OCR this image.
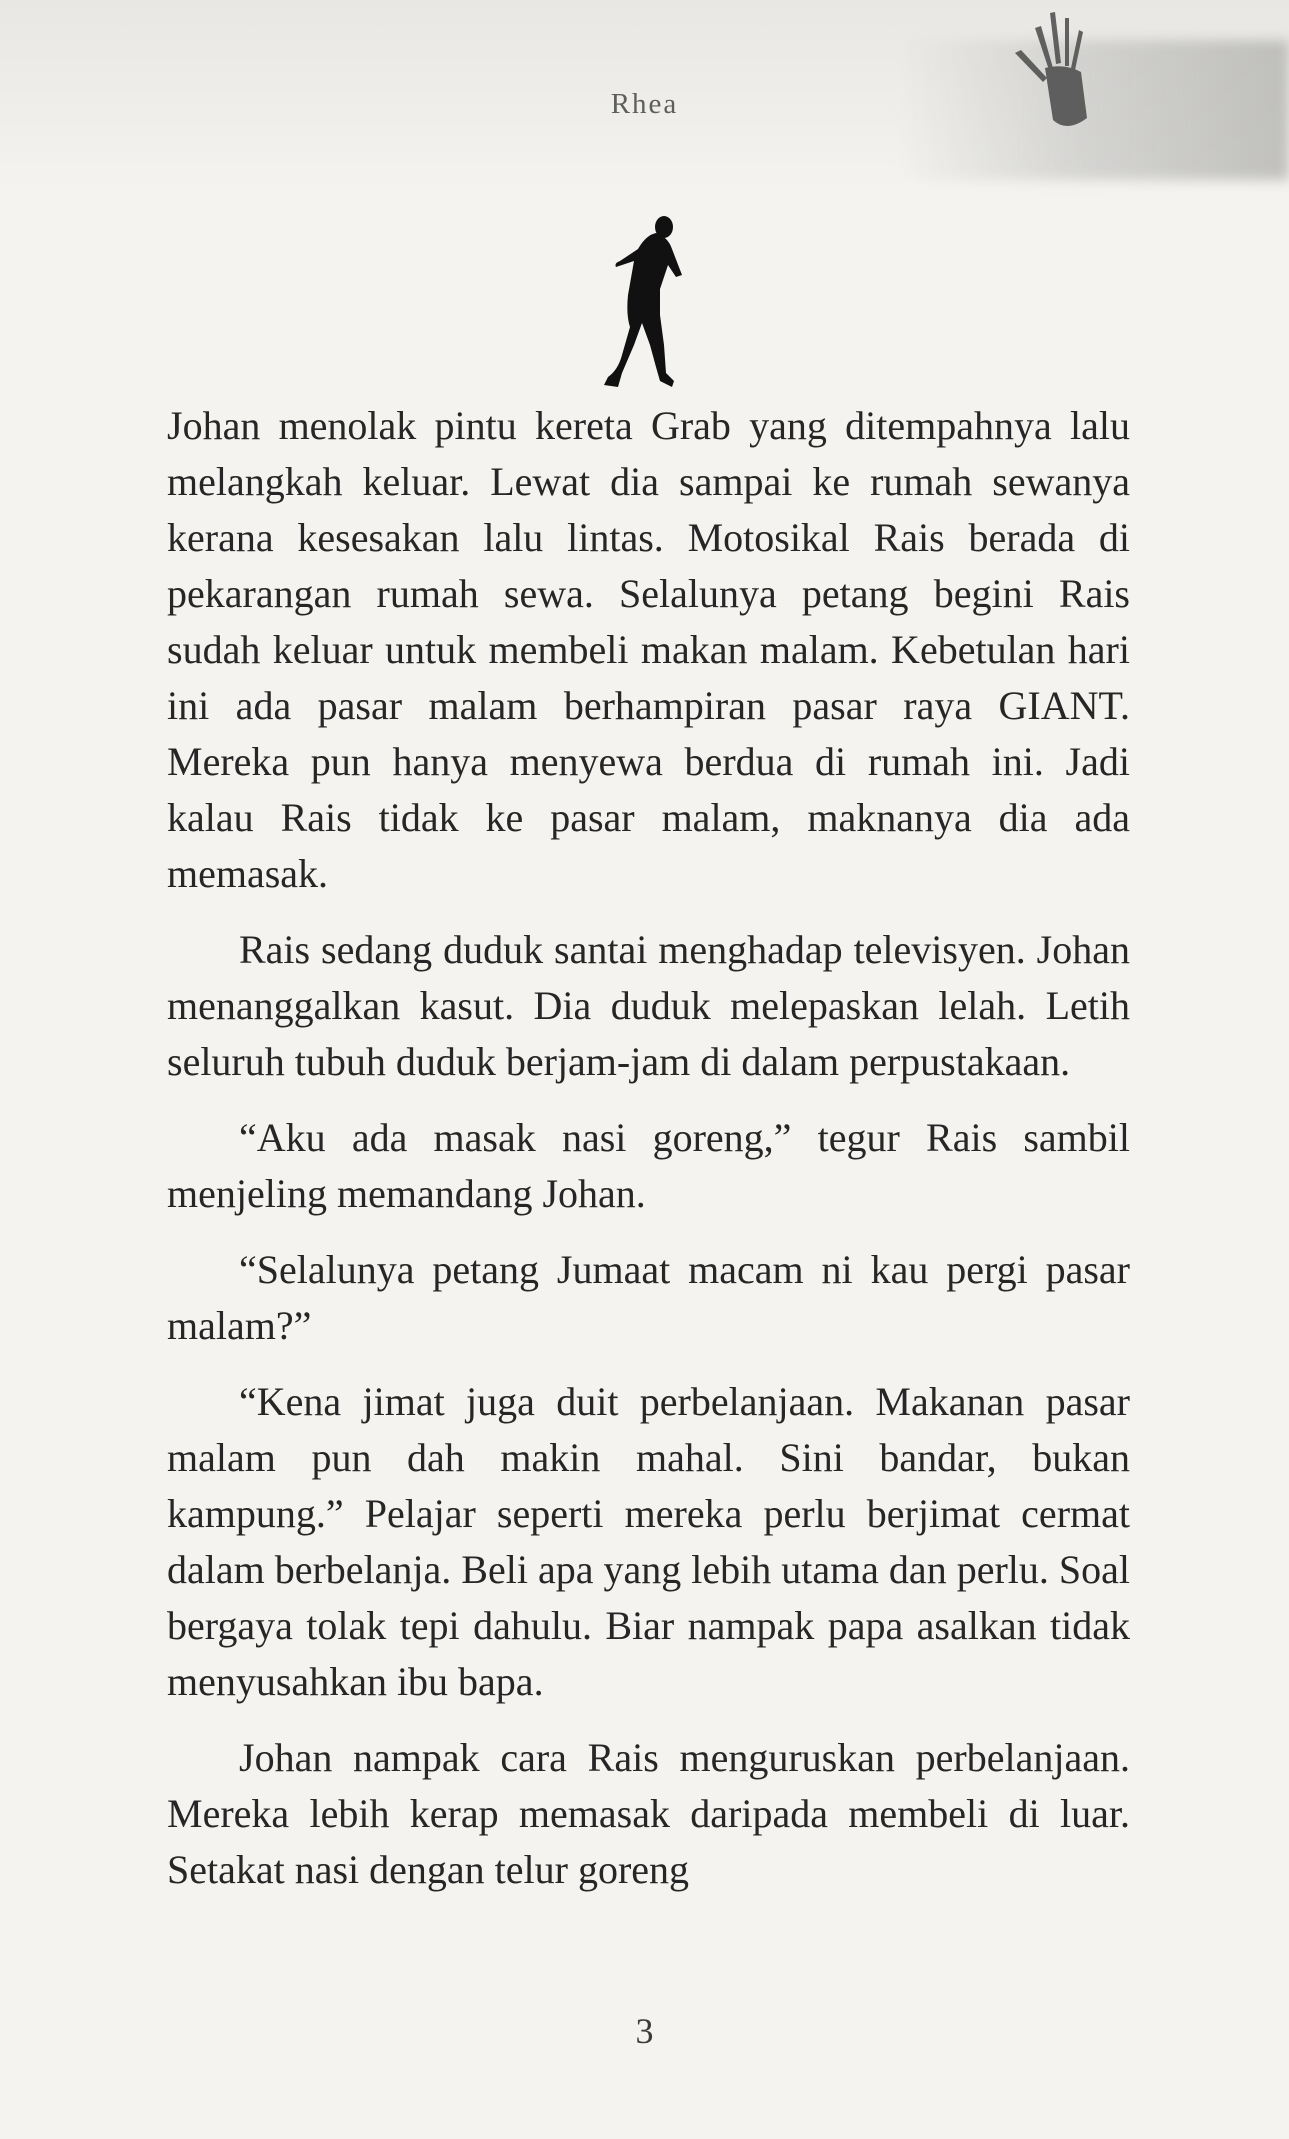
Rhea

Johan menolak pintu kereta Grab yang ditempahnya lalu melangkah keluar. Lewat dia sampai ke rumah sewanya kerana kesesakan lalu lintas. Motosikal Rais berada di pekarangan rumah sewa. Selalunya petang begini Rais sudah keluar untuk membeli makan malam. Kebetulan hari ini ada pasar malam berhampiran pasar raya GIANT. Mereka pun hanya menyewa berdua di rumah ini. Jadi kalau Rais tidak ke pasar malam, maknanya dia ada memasak.

Rais sedang duduk santai menghadap televisyen. Johan menanggalkan kasut. Dia duduk melepaskan lelah. Letih seluruh tubuh duduk berjam-jam di dalam perpustakaan.

“Aku ada masak nasi goreng,” tegur Rais sambil menjeling memandang Johan.

“Selalunya petang Jumaat macam ni kau pergi pasar malam?”

“Kena jimat juga duit perbelanjaan. Makanan pasar malam pun dah makin mahal. Sini bandar, bukan kampung.” Pelajar seperti mereka perlu berjimat cermat dalam berbelanja. Beli apa yang lebih utama dan perlu. Soal bergaya tolak tepi dahulu. Biar nampak papa asalkan tidak menyusahkan ibu bapa.

Johan nampak cara Rais menguruskan perbelanjaan. Mereka lebih kerap memasak daripada membeli di luar. Setakat nasi dengan telur goreng

3
